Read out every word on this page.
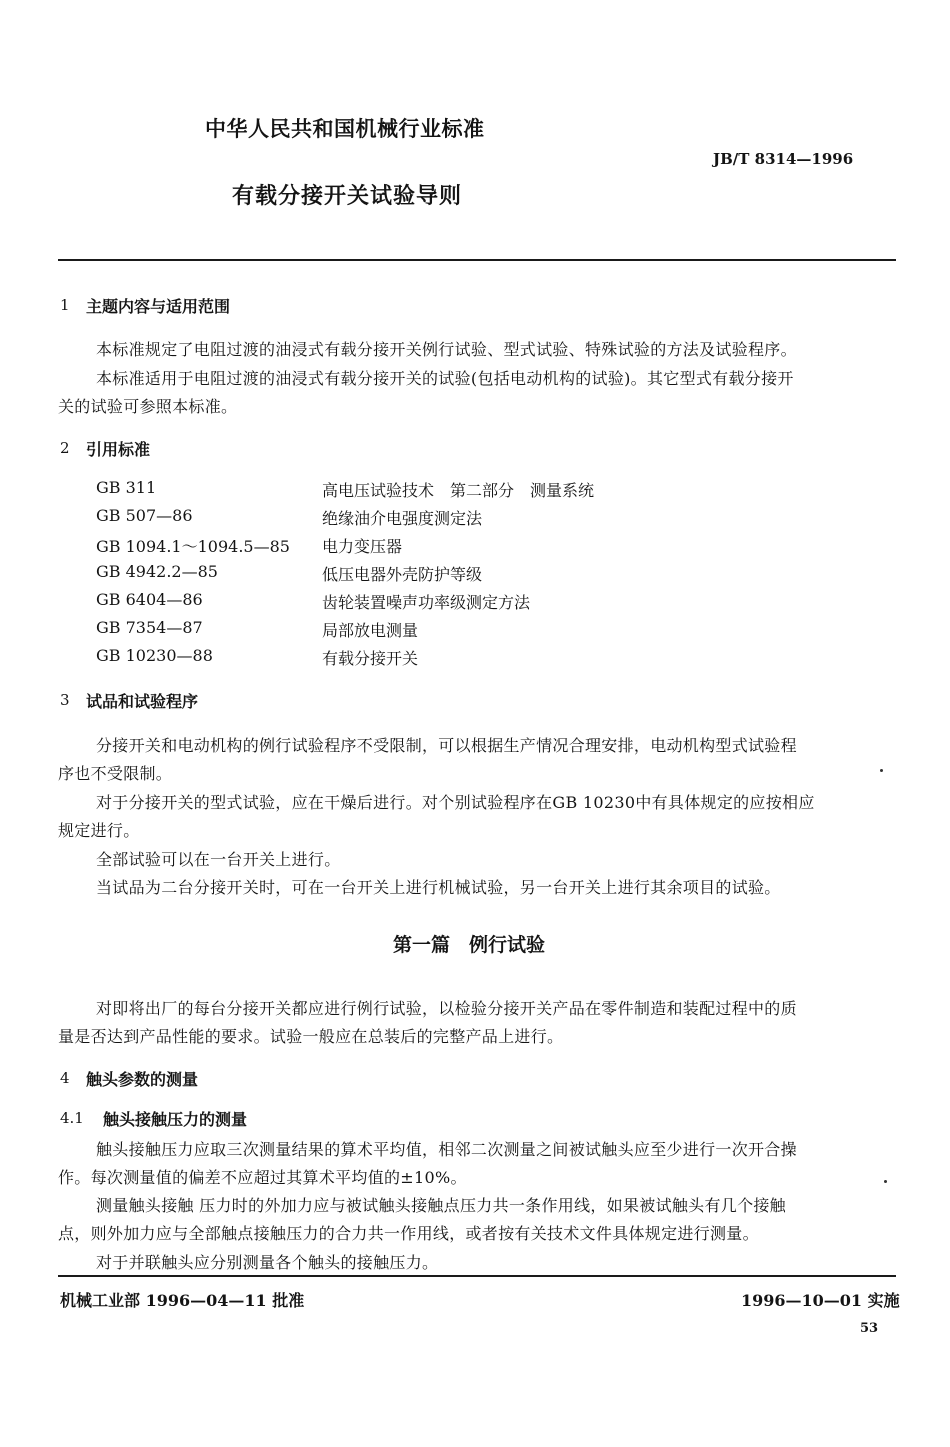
中华人民共和国机械行业标准
JB/T 8314—1996
有载分接开关试验导则
1 主题内容与适用范围
本标准规定了电阻过渡的油浸式有载分接开关例行试验、型式试验、特殊试验的方法及试验程序。
本标准适用于电阻过渡的油浸式有载分接开关的试验(包括电动机构的试验)。其它型式有载分接开
关的试验可参照本标准。
2 引用标准
GB 311	高电压试验技术　第二部分　测量系统
GB 507—86	绝缘油介电强度测定法
GB 1094.1～1094.5—85 电力变压器
GB 4942.2—85	低压电器外壳防护等级
GB 6404—86	齿轮装置噪声功率级测定方法
GB 7354—87	局部放电测量
GB 10230—88	有载分接开关
3 试品和试验程序
分接开关和电动机构的例行试验程序不受限制，可以根据生产情况合理安排，电动机构型式试验程
序也不受限制。
对于分接开关的型式试验，应在干燥后进行。对个别试验程序在GB 10230中有具体规定的应按相应
规定进行。
全部试验可以在一台开关上进行。
当试品为二台分接开关时，可在一台开关上进行机械试验，另一台开关上进行其余项目的试验。
第一篇　例行试验
对即将出厂的每台分接开关都应进行例行试验，以检验分接开关产品在零件制造和装配过程中的质
量是否达到产品性能的要求。试验一般应在总装后的完整产品上进行。
4 触头参数的测量
4.1 触头接触压力的测量
触头接触压力应取三次测量结果的算术平均值，相邻二次测量之间被试触头应至少进行一次开合操
作。每次测量值的偏差不应超过其算术平均值的±10%。
测量触头接触 压力时的外加力应与被试触头接触点压力共一条作用线，如果被试触头有几个接触
点，则外加力应与全部触点接触压力的合力共一作用线，或者按有关技术文件具体规定进行测量。
对于并联触头应分别测量各个触头的接触压力。
机械工业部 1996—04—11 批准	1996—10—01 实施
53
